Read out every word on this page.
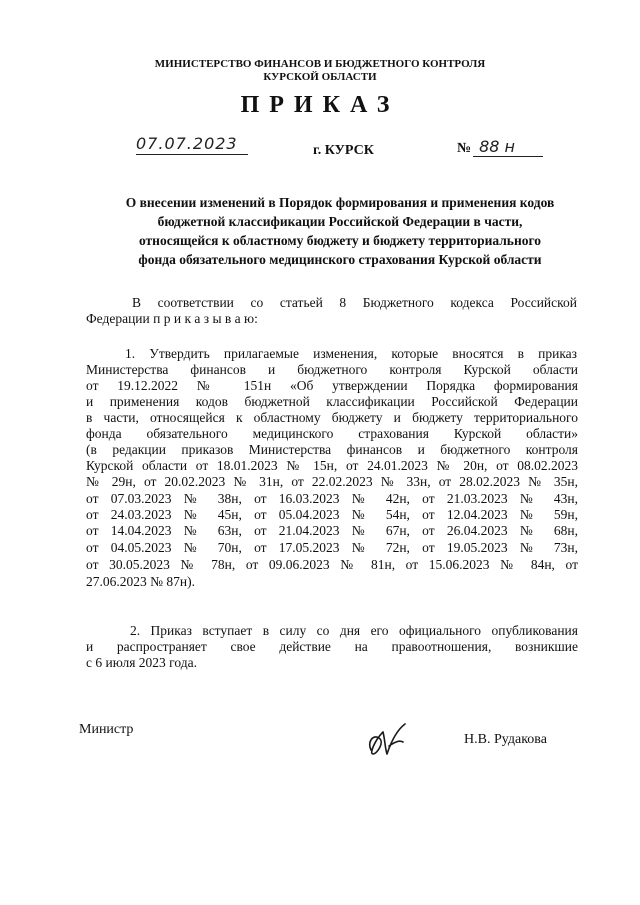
МИНИСТЕРСТВО ФИНАНСОВ И БЮДЖЕТНОГО КОНТРОЛЯ
КУРСКОЙ ОБЛАСТИ
ПРИКАЗ
07.07.2023	г. КУРСК	№ 88 н
О внесении изменений в Порядок формирования и применения кодов
бюджетной классификации Российской Федерации в части,
относящейся к областному бюджету и бюджету территориального
фонда обязательного медицинского страхования Курской области
В соответствии со статьей 8 Бюджетного кодекса Российской
Федерации п р и к а з ы в а ю:
1. Утвердить прилагаемые изменения, которые вносятся в приказ
Министерства финансов и бюджетного контроля Курской области
от 19.12.2022 № 151н «Об утверждении Порядка формирования
и применения кодов бюджетной классификации Российской Федерации
в части, относящейся к областному бюджету и бюджету территориального
фонда обязательного медицинского страхования Курской области»
(в редакции приказов Министерства финансов и бюджетного контроля
Курской области от 18.01.2023 № 15н, от 24.01.2023 № 20н, от 08.02.2023
№ 29н, от 20.02.2023 № 31н, от 22.02.2023 № 33н, от 28.02.2023 № 35н,
от 07.03.2023 № 38н, от 16.03.2023 № 42н, от 21.03.2023 № 43н,
от 24.03.2023 № 45н, от 05.04.2023 № 54н, от 12.04.2023 № 59н,
от 14.04.2023 № 63н, от 21.04.2023 № 67н, от 26.04.2023 № 68н,
от 04.05.2023 № 70н, от 17.05.2023 № 72н, от 19.05.2023 № 73н,
от 30.05.2023 № 78н, от 09.06.2023 № 81н, от 15.06.2023 № 84н, от
27.06.2023 № 87н).
2. Приказ вступает в силу со дня его официального опубликования
и распространяет свое действие на правоотношения, возникшие
с 6 июля 2023 года.
Министр
Н.В. Рудакова
